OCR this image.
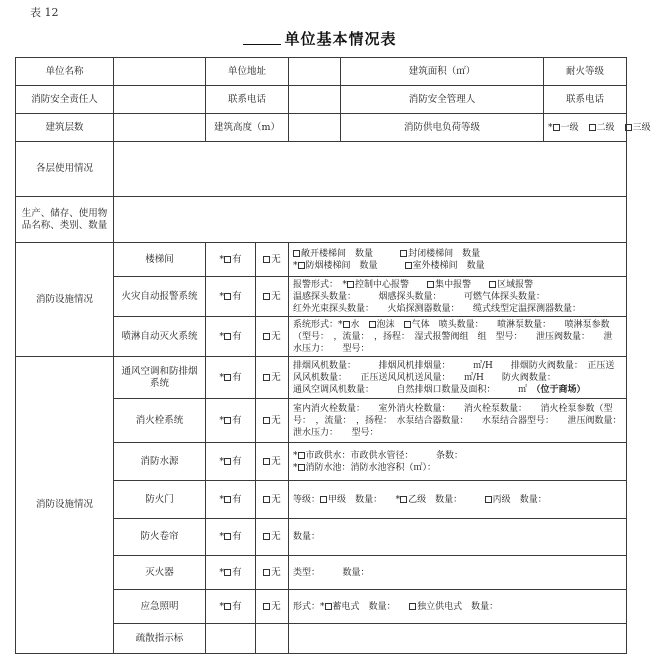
表 12
单位基本情况表
单位名称		单位地址			建筑面积（㎡）	耐火等级
消防安全责任人		联系电话			消防安全管理人	联系电话
建筑层数		建筑高度（m）			消防供电负荷等级	* 一级 二级 三级
各层使用情况						
生产、储存、使用物品名称、类别、数量						
消防设施情况	楼梯间	* 有	无	敞开楼梯间　 数量　　　 封闭楼梯间　 数量
* 防烟楼梯间　 数量　　　 室外楼梯间　 数量		

	火灾自动报警系统	* 有	无	报警形式：　 * 控制中心报警　　 集中报警　　 区域报警
温感探头数量：　　　烟感探头数量：　　　可燃气体探头数量：
红外光束探头数量：　　火焰探测器数量：　　缆式线型定温探测器数量：		

	喷淋自动灭火系统	* 有	无	系统形式：* 水　 泡沫　 气体　 喷头数量：　　喷淋泵数量：　　喷淋泵参数
（型号：　，流量：　，扬程：　湿式报警阀组　组　型号：　　泄压阀数量：　　泄
水压力：　　型号：		

消防设施情况	通风空调和防排烟系统	* 有	无	排烟风机数量：　　　排烟风机排烟量：　　　㎥/H　　排烟防火阀数量：　正压送
风风机数量：　　正压送风风机送风量：　　㎥/H　　防火阀数量：
通风空调风机数量：　　　自然排烟口数量及面积：　　　㎡　 （位于商场）		

	消火栓系统	* 有	无	室内消火栓数量：　　室外消火栓数量：　　消火栓泵数量：　　消火栓泵参数（型
号：　，流量：　，扬程：　水泵结合器数量：　　水泵结合器型号：　　泄压阀数量：
泄水压力：　　型号：		

	消防水源	* 有	无	* 市政供水：市政供水管径：　　　条数：
* 消防水池：消防水池容积（㎡）：		

	防火门	* 有	无	等级： 甲级　 数量：　　 * 乙级　 数量：　　　 丙级　 数量：		
	防火卷帘	* 有	无	数量：		
	灭火器	* 有	无	类型：　　　数量：		
	应急照明	* 有	无	形式：* 蓄电式　 数量：　　 独立供电式　 数量：		
	疏散指示标					
